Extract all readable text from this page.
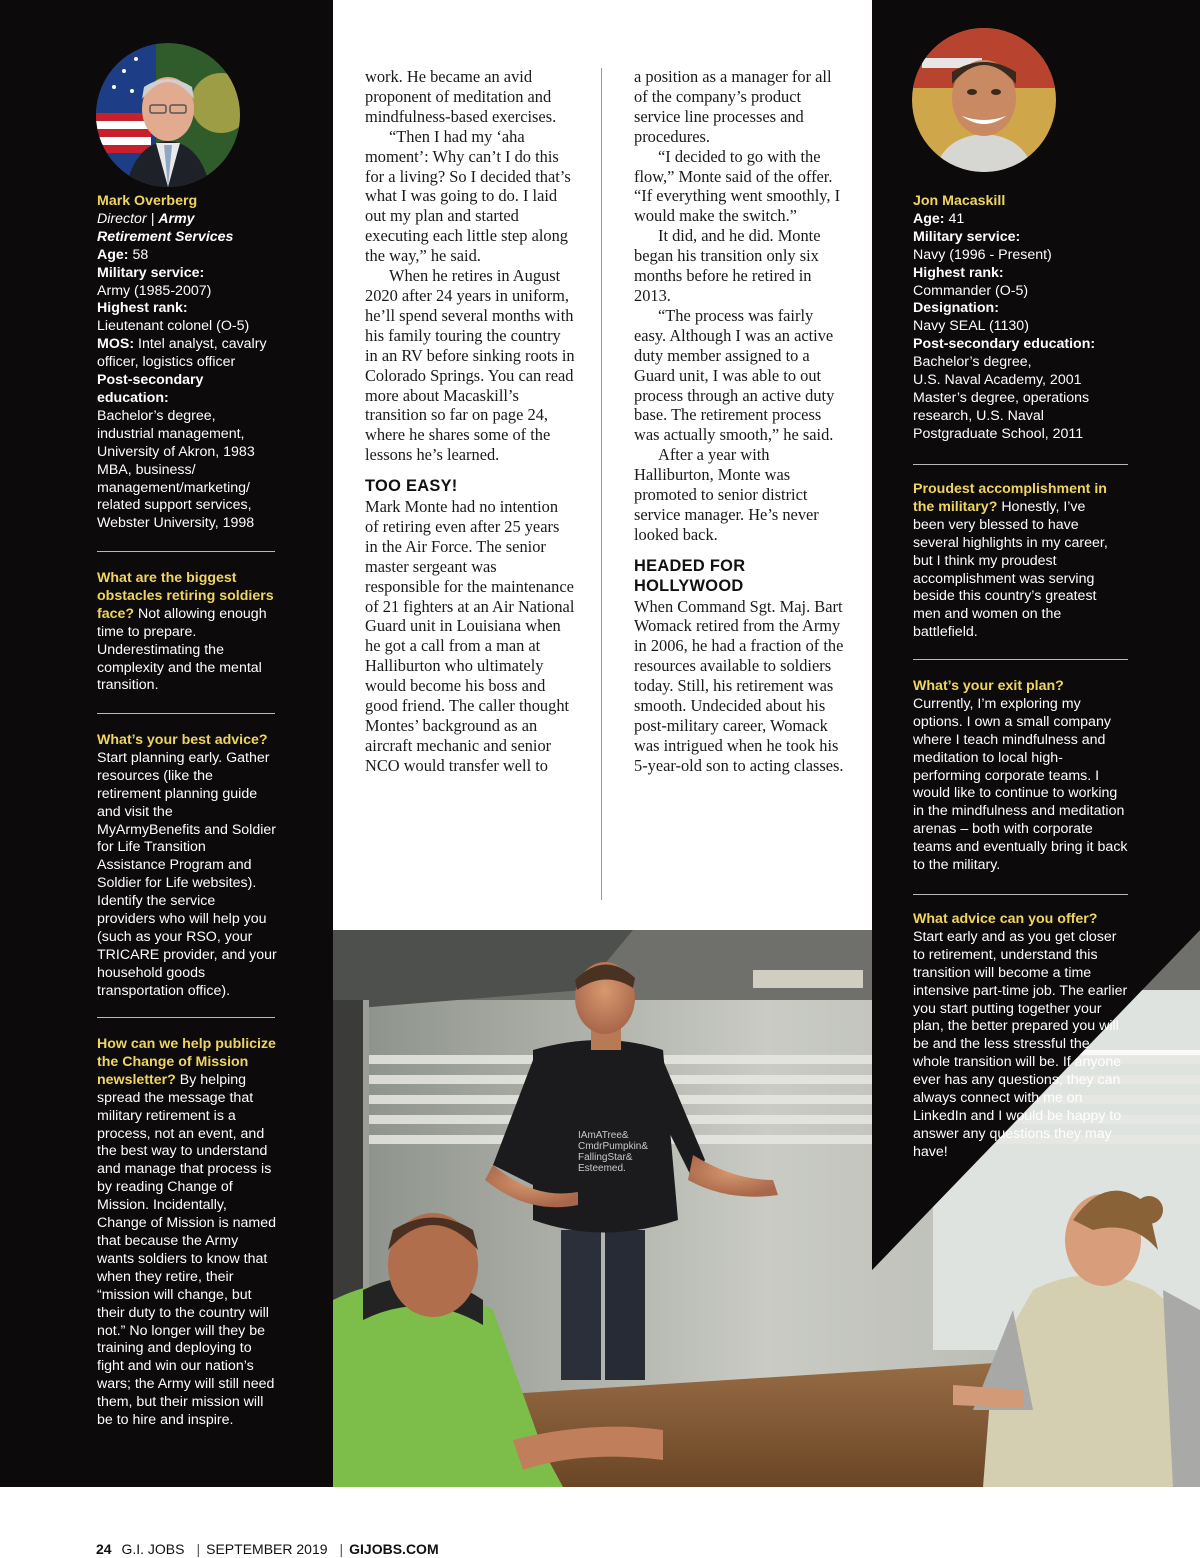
IAmATree&
CmdrPumpkin&
FallingStar&
Esteemed.

Mark Overberg

Director | Army

Retirement Services

Age: 58

Military service:

Army (1985-2007)

Highest rank:

Lieutenant colonel (O-5)

MOS: Intel analyst, cavalry officer, logistics officer

Post-secondary education:

Bachelor’s degree,

industrial management,

University of Akron, 1983

MBA, business/

management/marketing/

related support services,

Webster University, 1998

What are the biggest obstacles retiring soldiers face? Not allowing enough time to prepare. Underestimating the complexity and the mental transition.

What’s your best advice? Start planning early. Gather resources (like the retirement planning guide and visit the MyArmyBenefits and Soldier for Life Transition Assistance Program and Soldier for Life websites). Identify the service providers who will help you (such as your RSO, your TRICARE provider, and your household goods transportation office).

How can we help publicize the Change of Mission newsletter? By helping spread the message that military retirement is a process, not an event, and the best way to understand and manage that process is by reading Change of Mission. Incidentally, Change of Mission is named that because the Army wants soldiers to know that when they retire, their “mission will change, but their duty to the country will not.” No longer will they be training and deploying to fight and win our nation’s wars; the Army will still need them, but their mission will be to hire and inspire.

Jon Macaskill

Age: 41

Military service:

Navy (1996 - Present)

Highest rank:

Commander (O-5)

Designation:

Navy SEAL (1130)

Post-secondary education:

Bachelor’s degree,

U.S. Naval Academy, 2001

Master’s degree, operations

research, U.S. Naval

Postgraduate School, 2011

Proudest accomplishment in the military? Honestly, I’ve been very blessed to have several highlights in my career, but I think my proudest accomplishment was serving beside this country’s greatest men and women on the battlefield.

What’s your exit plan?
Currently, I’m exploring my options. I own a small company where I teach mindfulness and meditation to local high-performing corporate teams. I would like to continue to working in the mindfulness and meditation arenas – both with corporate teams and eventually bring it back to the military.

What advice can you offer?
Start early and as you get closer to retirement, understand this transition will become a time intensive part-time job. The earlier you start putting together your plan, the better prepared you will be and the less stressful the whole transition will be. If anyone ever has any questions, they can always connect with me on LinkedIn and I would be happy to answer any questions they may have!

work. He became an avid proponent of meditation and mindfulness-based exercises.

“Then I had my ‘aha moment’: Why can’t I do this for a living? So I decided that’s what I was going to do. I laid out my plan and started executing each little step along the way,” he said.

When he retires in August 2020 after 24 years in uniform, he’ll spend several months with his family touring the country in an RV before sinking roots in Colorado Springs. You can read more about Macaskill’s transition so far on page 24, where he shares some of the lessons he’s learned.

TOO EASY!

Mark Monte had no intention of retiring even after 25 years in the Air Force. The senior master sergeant was responsible for the maintenance of 21 fighters at an Air National Guard unit in Louisiana when he got a call from a man at Halliburton who ultimately would become his boss and good friend. The caller thought Montes’ background as an aircraft mechanic and senior NCO would transfer well to

a position as a manager for all of the company’s product service line processes and procedures.

“I decided to go with the flow,” Monte said of the offer. “If everything went smoothly, I would make the switch.”

It did, and he did. Monte began his transition only six months before he retired in 2013.

“The process was fairly easy. Although I was an active duty member assigned to a Guard unit, I was able to out process through an active duty base. The retirement process was actually smooth,” he said.

After a year with Halliburton, Monte was promoted to senior district service manager. He’s never looked back.

HEADED FOR
HOLLYWOOD

When Command Sgt. Maj. Bart Womack retired from the Army in 2006, he had a fraction of the resources available to soldiers today. Still, his retirement was smooth. Undecided about his post-military career, Womack was intrigued when he took his 5-year-old son to acting classes.

24 G.I. JOBS | SEPTEMBER 2019 | GIJOBS.COM
